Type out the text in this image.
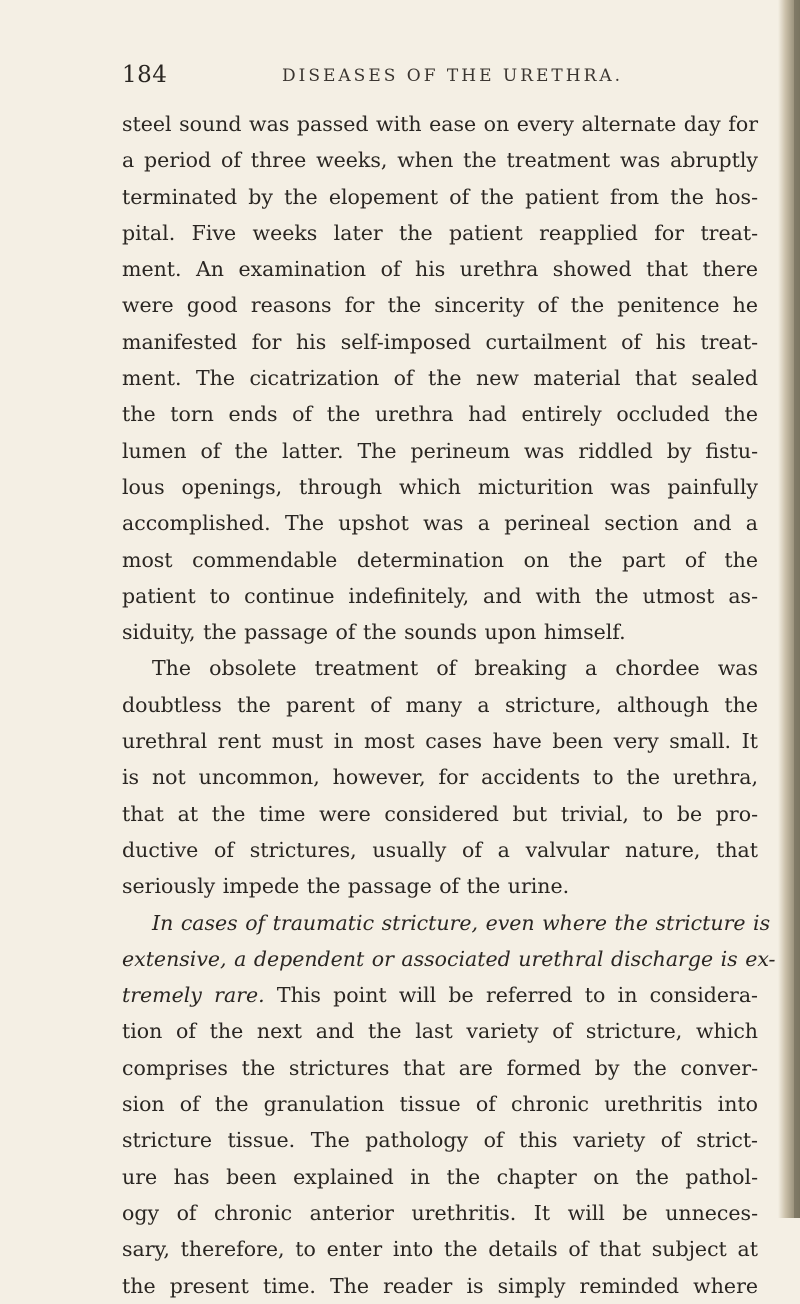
184	DISEASES OF THE URETHRA.
steel sound was passed with ease on every alternate day for
a period of three weeks, when the treatment was abruptly
terminated by the elopement of the patient from the hos-
pital. Five weeks later the patient reapplied for treat-
ment. An examination of his urethra showed that there
were good reasons for the sincerity of the penitence he
manifested for his self-imposed curtailment of his treat-
ment. The cicatrization of the new material that sealed
the torn ends of the urethra had entirely occluded the
lumen of the latter. The perineum was riddled by fistu-
lous openings, through which micturition was painfully
accomplished. The upshot was a perineal section and a
most commendable determination on the part of the
patient to continue indefinitely, and with the utmost as-
siduity, the passage of the sounds upon himself.
The obsolete treatment of breaking a chordee was
doubtless the parent of many a stricture, although the
urethral rent must in most cases have been very small. It
is not uncommon, however, for accidents to the urethra,
that at the time were considered but trivial, to be pro-
ductive of strictures, usually of a valvular nature, that
seriously impede the passage of the urine.
In cases of traumatic stricture, even where the stricture is
extensive, a dependent or associated urethral discharge is ex-
tremely rare. This point will be referred to in considera-
tion of the next and the last variety of stricture, which
comprises the strictures that are formed by the conver-
sion of the granulation tissue of chronic urethritis into
stricture tissue. The pathology of this variety of strict-
ure has been explained in the chapter on the pathol-
ogy of chronic anterior urethritis. It will be unneces-
sary, therefore, to enter into the details of that subject at
the present time. The reader is simply reminded where
